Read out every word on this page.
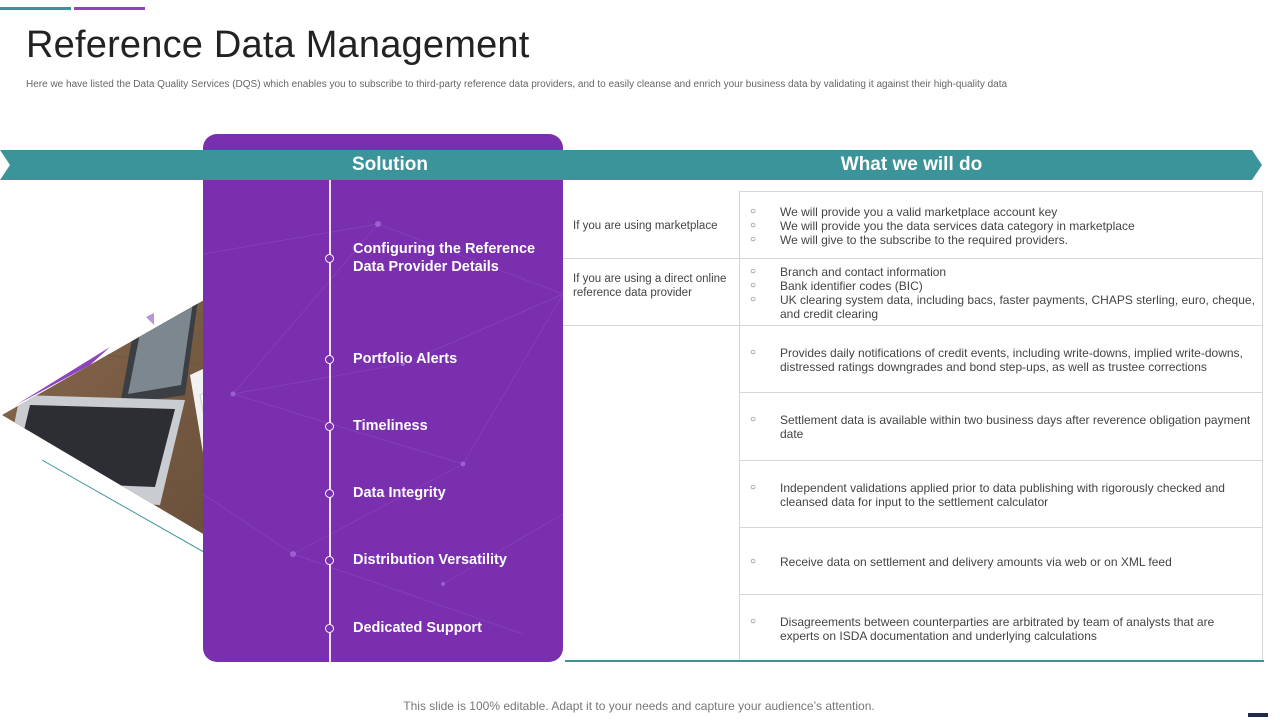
Reference Data Management
Here we have listed the Data Quality Services (DQS) which enables you to subscribe to third-party reference data providers, and to easily cleanse and enrich your business data by validating it against their high-quality data
Configuring the Reference Data Provider Details
Portfolio Alerts
Timeliness
Data Integrity
Distribution Versatility
Dedicated Support
Solution	What we will do
If you are using marketplace
○ We will provide you a valid marketplace account key
○ We will provide you the data services data category in marketplace
○ We will give to the subscribe to the required providers.
If you are using a direct online reference data provider
○ Branch and contact information
○ Bank identifier codes (BIC)
○ UK clearing system data, including bacs, faster payments, CHAPS sterling, euro, cheque, and credit clearing
○ Provides daily notifications of credit events, including write-downs, implied write-downs, distressed ratings downgrades and bond step-ups, as well as trustee corrections
○ Settlement data is available within two business days after reverence obligation payment date
○ Independent validations applied prior to data publishing with rigorously checked and cleansed data for input to the settlement calculator
○ Receive data on settlement and delivery amounts via web or on XML feed
○ Disagreements between counterparties are arbitrated by team of analysts that are experts on ISDA documentation and underlying calculations
This slide is 100% editable. Adapt it to your needs and capture your audience’s attention.
